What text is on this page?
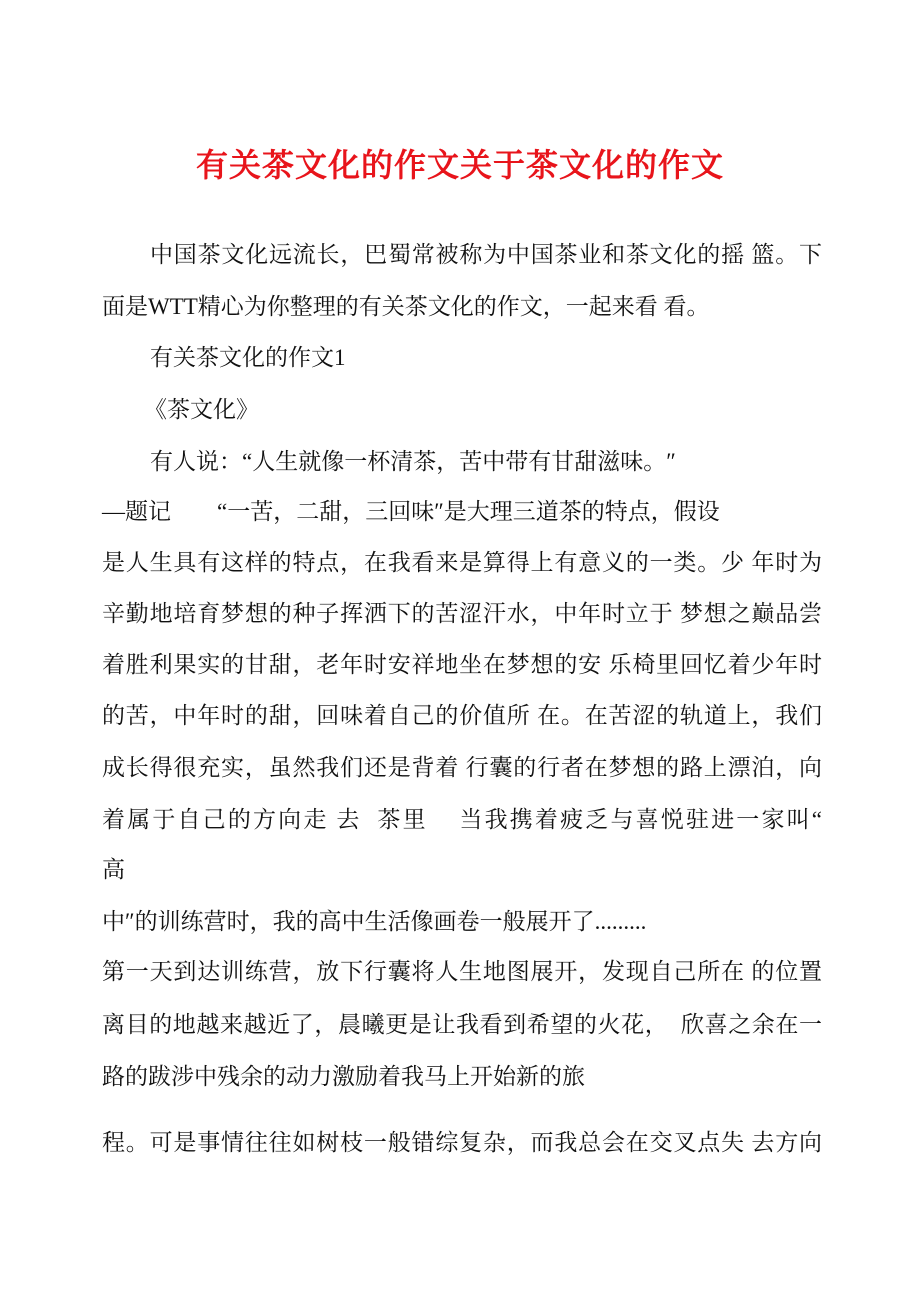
有关茶文化的作文关于茶文化的作文
中国茶文化远流长，巴蜀常被称为中国茶业和茶文化的摇 篮。下
面是WTT精心为你整理的有关茶文化的作文，一起来看 看。
有关茶文化的作文1
《茶文化》
有人说：“人生就像一杯清茶，苦中带有甘甜滋味。″
—题记        “一苦，二甜，三回味″是大理三道茶的特点，假设
是人生具有这样的特点，在我看来是算得上有意义的一类。少 年时为
辛勤地培育梦想的种子挥洒下的苦涩汗水，中年时立于 梦想之巅品尝
着胜利果实的甘甜，老年时安祥地坐在梦想的安 乐椅里回忆着少年时
的苦，中年时的甜，回味着自己的价值所 在。在苦涩的轨道上，我们
成长得很充实，虽然我们还是背着 行囊的行者在梦想的路上漂泊，向
着属于自己的方向走 去  茶里    当我携着疲乏与喜悦驻进一家叫“
高
中″的训练营时，我的高中生活像画卷一般展开了.........
第一天到达训练营，放下行囊将人生地图展开，发现自己所在 的位置
离目的地越来越近了，晨曦更是让我看到希望的火花，  欣喜之余在一
路的跋涉中残余的动力激励着我马上开始新的旅
程。可是事情往往如树枝一般错综复杂，而我总会在交叉点失 去方向
